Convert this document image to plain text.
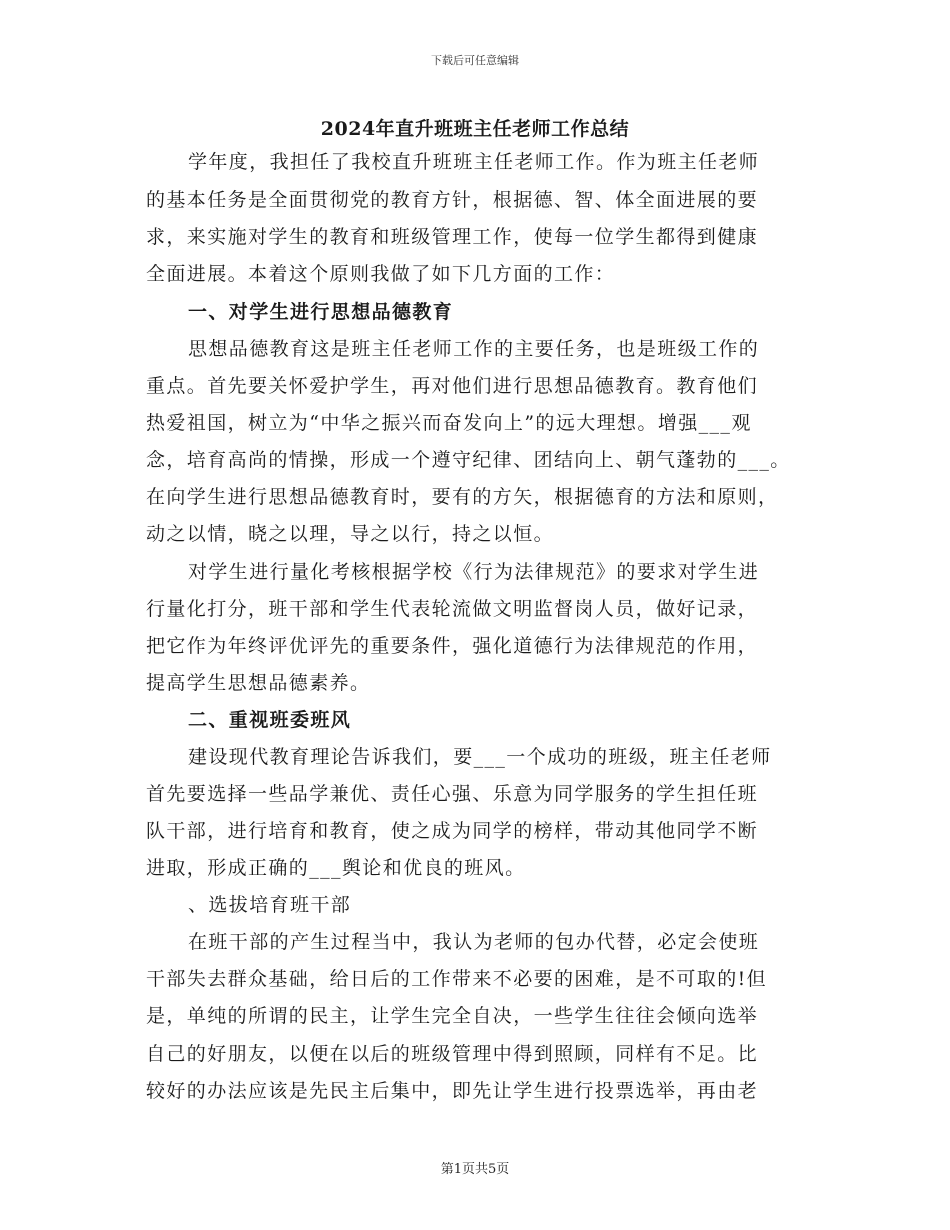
下载后可任意编辑
2024年直升班班主任老师工作总结
学年度，我担任了我校直升班班主任老师工作。作为班主任老师
的基本任务是全面贯彻党的教育方针，根据德、智、体全面进展的要
求，来实施对学生的教育和班级管理工作，使每一位学生都得到健康
全面进展。本着这个原则我做了如下几方面的工作：
一、对学生进行思想品德教育
思想品德教育这是班主任老师工作的主要任务，也是班级工作的
重点。首先要关怀爱护学生，再对他们进行思想品德教育。教育他们
热爱祖国，树立为“中华之振兴而奋发向上”的远大理想。增强___观
念，培育高尚的情操，形成一个遵守纪律、团结向上、朝气蓬勃的___。
在向学生进行思想品德教育时，要有的方矢，根据德育的方法和原则，
动之以情，晓之以理，导之以行，持之以恒。
对学生进行量化考核根据学校《行为法律规范》的要求对学生进
行量化打分，班干部和学生代表轮流做文明监督岗人员，做好记录，
把它作为年终评优评先的重要条件，强化道德行为法律规范的作用，
提高学生思想品德素养。
二、重视班委班风
建设现代教育理论告诉我们，要___一个成功的班级，班主任老师
首先要选择一些品学兼优、责任心强、乐意为同学服务的学生担任班
队干部，进行培育和教育，使之成为同学的榜样，带动其他同学不断
进取，形成正确的___舆论和优良的班风。
、选拔培育班干部
在班干部的产生过程当中，我认为老师的包办代替，必定会使班
干部失去群众基础，给日后的工作带来不必要的困难，是不可取的!但
是，单纯的所谓的民主，让学生完全自决，一些学生往往会倾向选举
自己的好朋友，以便在以后的班级管理中得到照顾，同样有不足。比
较好的办法应该是先民主后集中，即先让学生进行投票选举，再由老
第1页共5页
